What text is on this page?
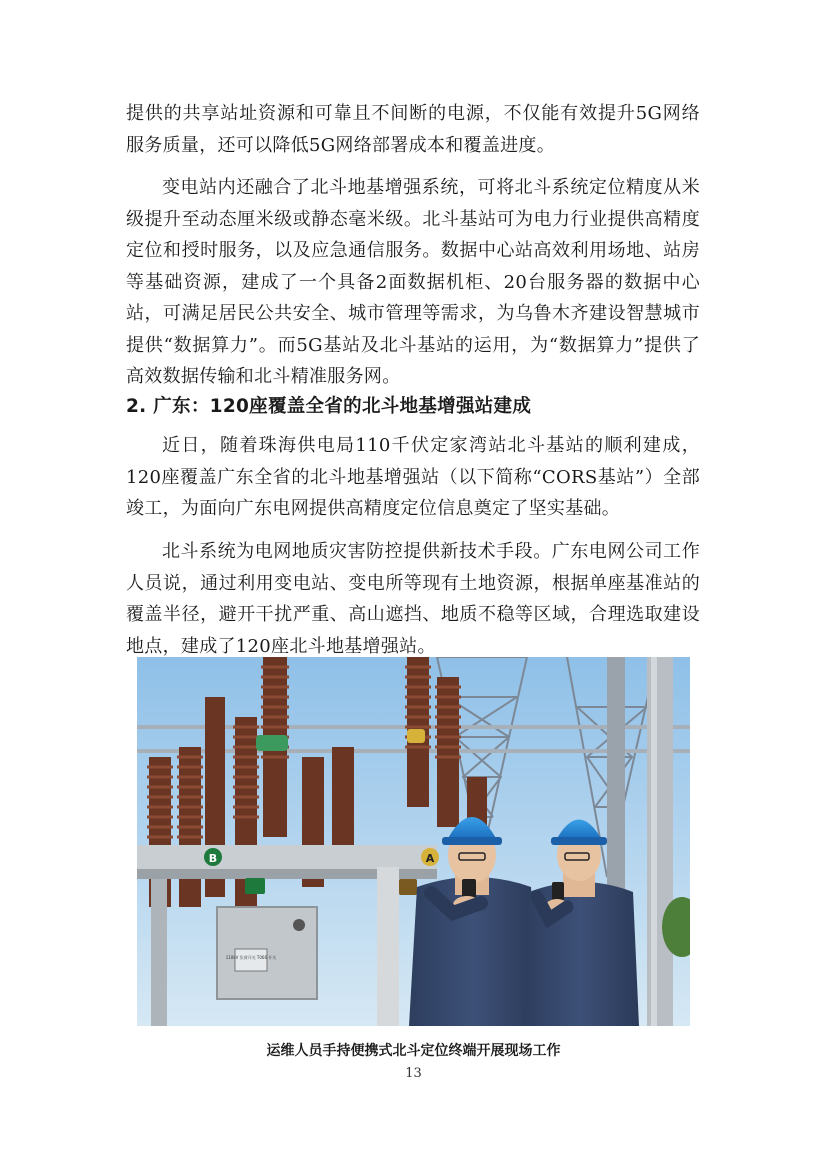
提供的共享站址资源和可靠且不间断的电源，不仅能有效提升5G网络服务质量，还可以降低5G网络部署成本和覆盖进度。

变电站内还融合了北斗地基增强系统，可将北斗系统定位精度从米级提升至动态厘米级或静态毫米级。北斗基站可为电力行业提供高精度定位和授时服务，以及应急通信服务。数据中心站高效利用场地、站房等基础资源，建成了一个具备2面数据机柜、20台服务器的数据中心站，可满足居民公共安全、城市管理等需求，为乌鲁木齐建设智慧城市提供“数据算力”。而5G基站及北斗基站的运用，为“数据算力”提供了高效数据传输和北斗精准服务网。

2. 广东：120座覆盖全省的北斗地基增强站建成

近日，随着珠海供电局110千伏定家湾站北斗基站的顺利建成，120座覆盖广东全省的北斗地基增强站（以下简称“CORS基站”）全部竣工，为面向广东电网提供高精度定位信息奠定了坚实基础。

北斗系统为电网地质灾害防控提供新技术手段。广东电网公司工作人员说，通过利用变电站、变电所等现有土地资源，根据单座基准站的覆盖半径，避开干扰严重、高山遮挡、地质不稳等区域，合理选取建设地点，建成了120座北斗地基增强站。

B	A
110kV 负荷开关 T066 开关

运维人员手持便携式北斗定位终端开展现场工作

13
